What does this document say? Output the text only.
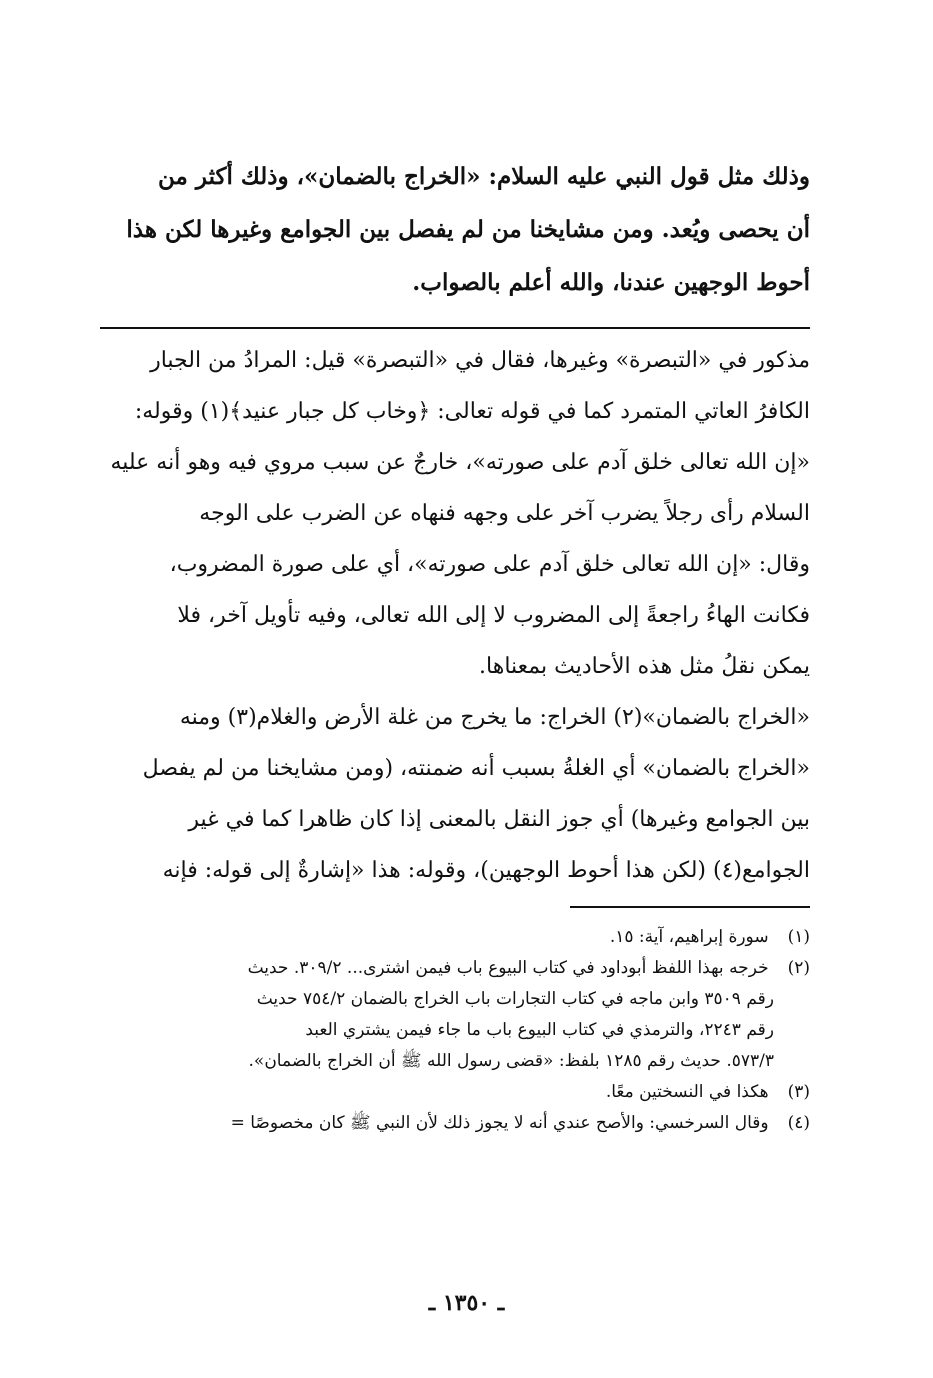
وذلك مثل قول النبي عليه السلام: «الخراج بالضمان»، وذلك أكثر من
أن يحصى ويُعد. ومن مشايخنا من لم يفصل بين الجوامع وغيرها لكن هذا
أحوط الوجهين عندنا، والله أعلم بالصواب.
مذكور في «التبصرة» وغيرها، فقال في «التبصرة» قيل: المرادُ من الجبار
الكافرُ العاتي المتمرد كما في قوله تعالى: ﴿وخاب كل جبار عنيد﴾(١) وقوله:
«إن الله تعالى خلق آدم على صورته»، خارجٌ عن سبب مروي فيه وهو أنه عليه
السلام رأى رجلاً يضرب آخر على وجهه فنهاه عن الضرب على الوجه
وقال: «إن الله تعالى خلق آدم على صورته»، أي على صورة المضروب،
فكانت الهاءُ راجعةً إلى المضروب لا إلى الله تعالى، وفيه تأويل آخر، فلا
يمكن نقلُ مثل هذه الأحاديث بمعناها.
«الخراج بالضمان»(٢) الخراج: ما يخرج من غلة الأرض والغلام(٣) ومنه
«الخراج بالضمان» أي الغلةُ بسبب أنه ضمنته، (ومن مشايخنا من لم يفصل
بين الجوامع وغيرها) أي جوز النقل بالمعنى إذا كان ظاهرا كما في غير
الجوامع(٤) (لكن هذا أحوط الوجهين)، وقوله: هذا «إشارةٌ إلى قوله: فإنه
(١) سورة إبراهيم، آية: ١٥.
(٢) خرجه بهذا اللفظ أبوداود في كتاب البيوع باب فيمن اشترى... ٣٠٩/٢. حديث
رقم ٣٥٠٩ وابن ماجه في كتاب التجارات باب الخراج بالضمان ٧٥٤/٢ حديث
رقم ٢٢٤٣، والترمذي في كتاب البيوع باب ما جاء فيمن يشتري العبد
٥٧٣/٣. حديث رقم ١٢٨٥ بلفظ: «قضى رسول الله ﷺ أن الخراج بالضمان».
(٣) هكذا في النسختين معًا.
(٤) وقال السرخسي: والأصح عندي أنه لا يجوز ذلك لأن النبي ﷺ كان مخصوصًا =
ـ ١٣٥٠ ـ
